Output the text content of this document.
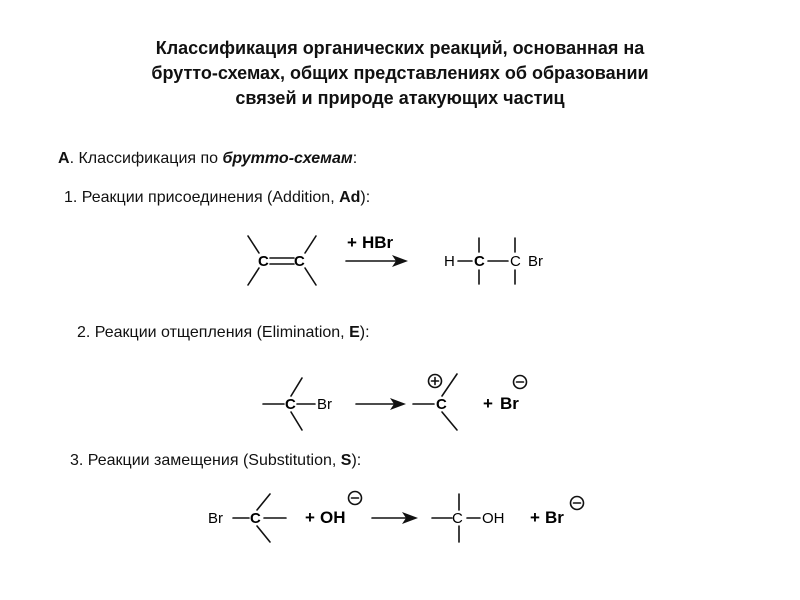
Классификация органических реакций, основанная на
брутто-схемах, общих представлениях об образовании
связей и природе атакующих частиц
А. Классификация по брутто-схемам:
1. Реакции присоединения (Addition, Ad):
C C
+ HBr
H C C Br
2. Реакции отщепления (Elimination, E):
C Br	C + Br
3. Реакции замещения (Substitution, S):
Br C	+ OH	C OH + Br
